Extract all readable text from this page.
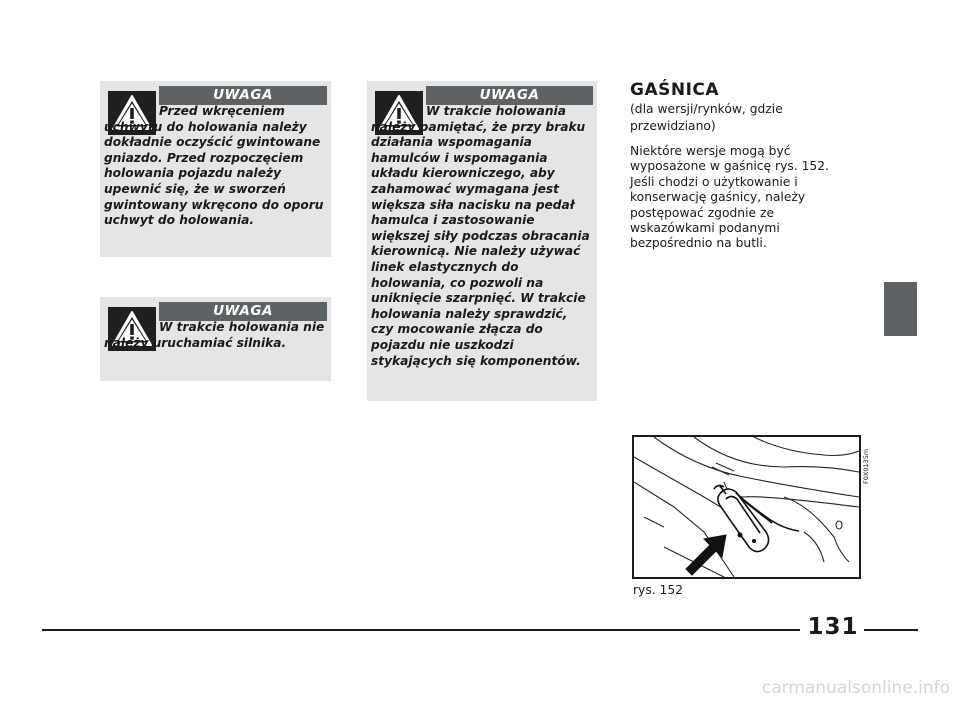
UWAGA

Przed wkręceniem uchwytu do holowania należy dokładnie oczyścić gwintowane gniazdo. Przed rozpoczęciem holowania pojazdu należy upewnić się, że w sworzeń gwintowany wkręcono do oporu uchwyt do holowania.

UWAGA

W trakcie holowania nie należy uruchamiać silnika.

UWAGA

W trakcie holowania należy pamiętać, że przy braku działania wspomagania hamulców i wspomagania układu kierowniczego, aby zahamować wymagana jest większa siła nacisku na pedał hamulca i zastosowanie większej siły podczas obracania kierownicą. Nie należy używać linek elastycznych do holowania, co pozwoli na uniknięcie szarpnięć. W trakcie holowania należy sprawdzić, czy mocowanie złącza do pojazdu nie uszkodzi stykających się komponentów.

GAŚNICA

(dla wersji/rynków, gdzie przewidziano)

Niektóre wersje mogą być wyposażone w gaśnicę rys. 152. Jeśli chodzi o użytkowanie i konserwację gaśnicy, należy postępować zgodnie ze wskazówkami podanymi bezpośrednio na butli.

F0X0135m

rys. 152

131
carmanualsonline.info
